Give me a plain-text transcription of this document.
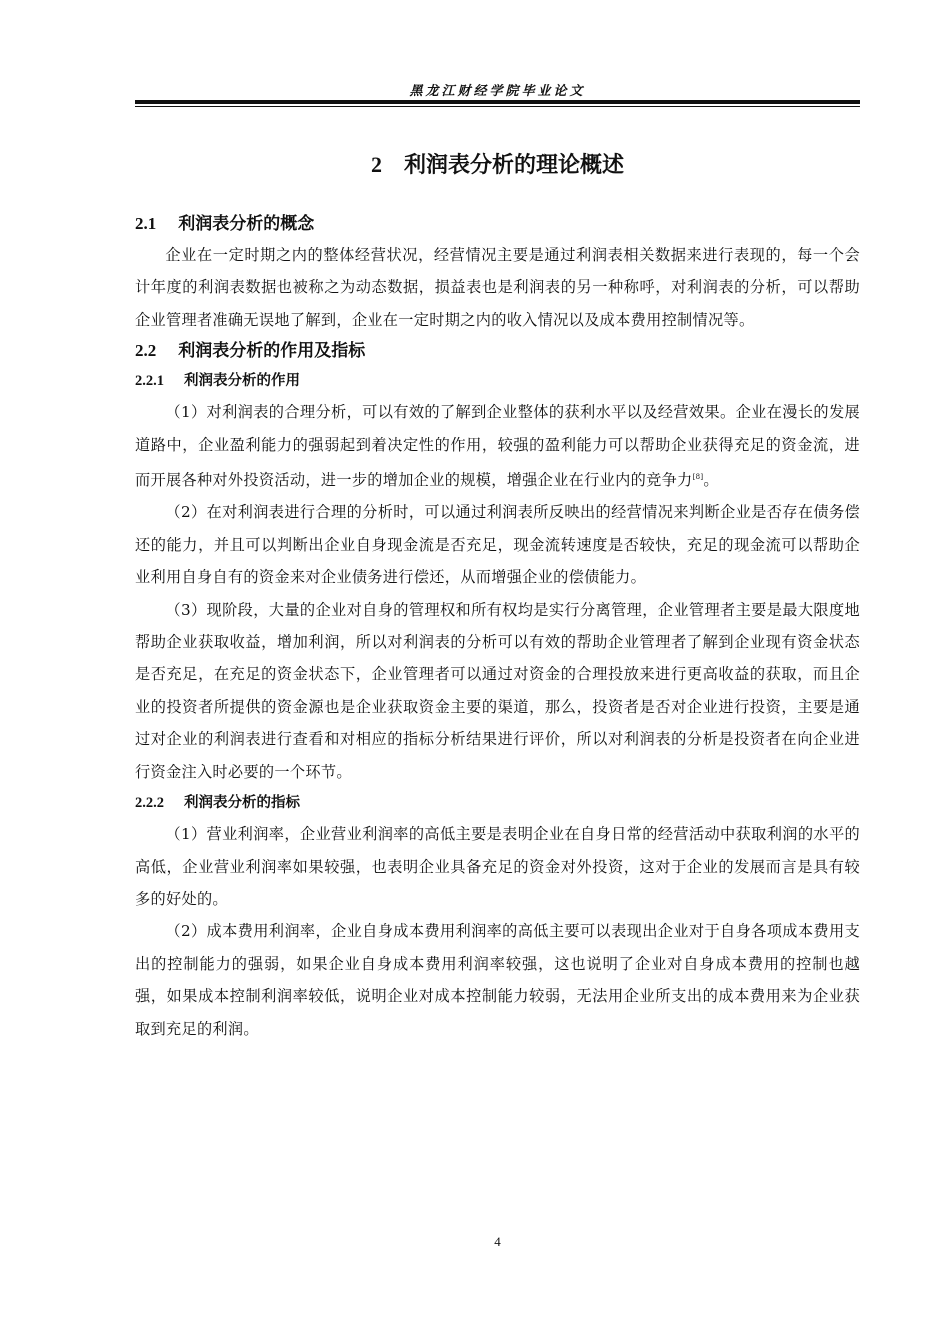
黑龙江财经学院毕业论文
2 利润表分析的理论概述
2.1 利润表分析的概念

企业在一定时期之内的整体经营状况，经营情况主要是通过利润表相关数据来进行表现的，每一个会计年度的利润表数据也被称之为动态数据，损益表也是利润表的另一种称呼，对利润表的分析，可以帮助企业管理者准确无误地了解到，企业在一定时期之内的收入情况以及成本费用控制情况等。

2.2 利润表分析的作用及指标
2.2.1 利润表分析的作用

（1）对利润表的合理分析，可以有效的了解到企业整体的获利水平以及经营效果。企业在漫长的发展道路中，企业盈利能力的强弱起到着决定性的作用，较强的盈利能力可以帮助企业获得充足的资金流，进而开展各种对外投资活动，进一步的增加企业的规模，增强企业在行业内的竞争力[8]。

（2）在对利润表进行合理的分析时，可以通过利润表所反映出的经营情况来判断企业是否存在债务偿还的能力，并且可以判断出企业自身现金流是否充足，现金流转速度是否较快，充足的现金流可以帮助企业利用自身自有的资金来对企业债务进行偿还，从而增强企业的偿债能力。

（3）现阶段，大量的企业对自身的管理权和所有权均是实行分离管理，企业管理者主要是最大限度地帮助企业获取收益，增加利润，所以对利润表的分析可以有效的帮助企业管理者了解到企业现有资金状态是否充足，在充足的资金状态下，企业管理者可以通过对资金的合理投放来进行更高收益的获取，而且企业的投资者所提供的资金源也是企业获取资金主要的渠道，那么，投资者是否对企业进行投资，主要是通过对企业的利润表进行查看和对相应的指标分析结果进行评价，所以对利润表的分析是投资者在向企业进行资金注入时必要的一个环节。

2.2.2 利润表分析的指标

（1）营业利润率，企业营业利润率的高低主要是表明企业在自身日常的经营活动中获取利润的水平的高低，企业营业利润率如果较强，也表明企业具备充足的资金对外投资，这对于企业的发展而言是具有较多的好处的。

（2）成本费用利润率，企业自身成本费用利润率的高低主要可以表现出企业对于自身各项成本费用支出的控制能力的强弱，如果企业自身成本费用利润率较强，这也说明了企业对自身成本费用的控制也越强，如果成本控制利润率较低，说明企业对成本控制能力较弱，无法用企业所支出的成本费用来为企业获取到充足的利润。

4
